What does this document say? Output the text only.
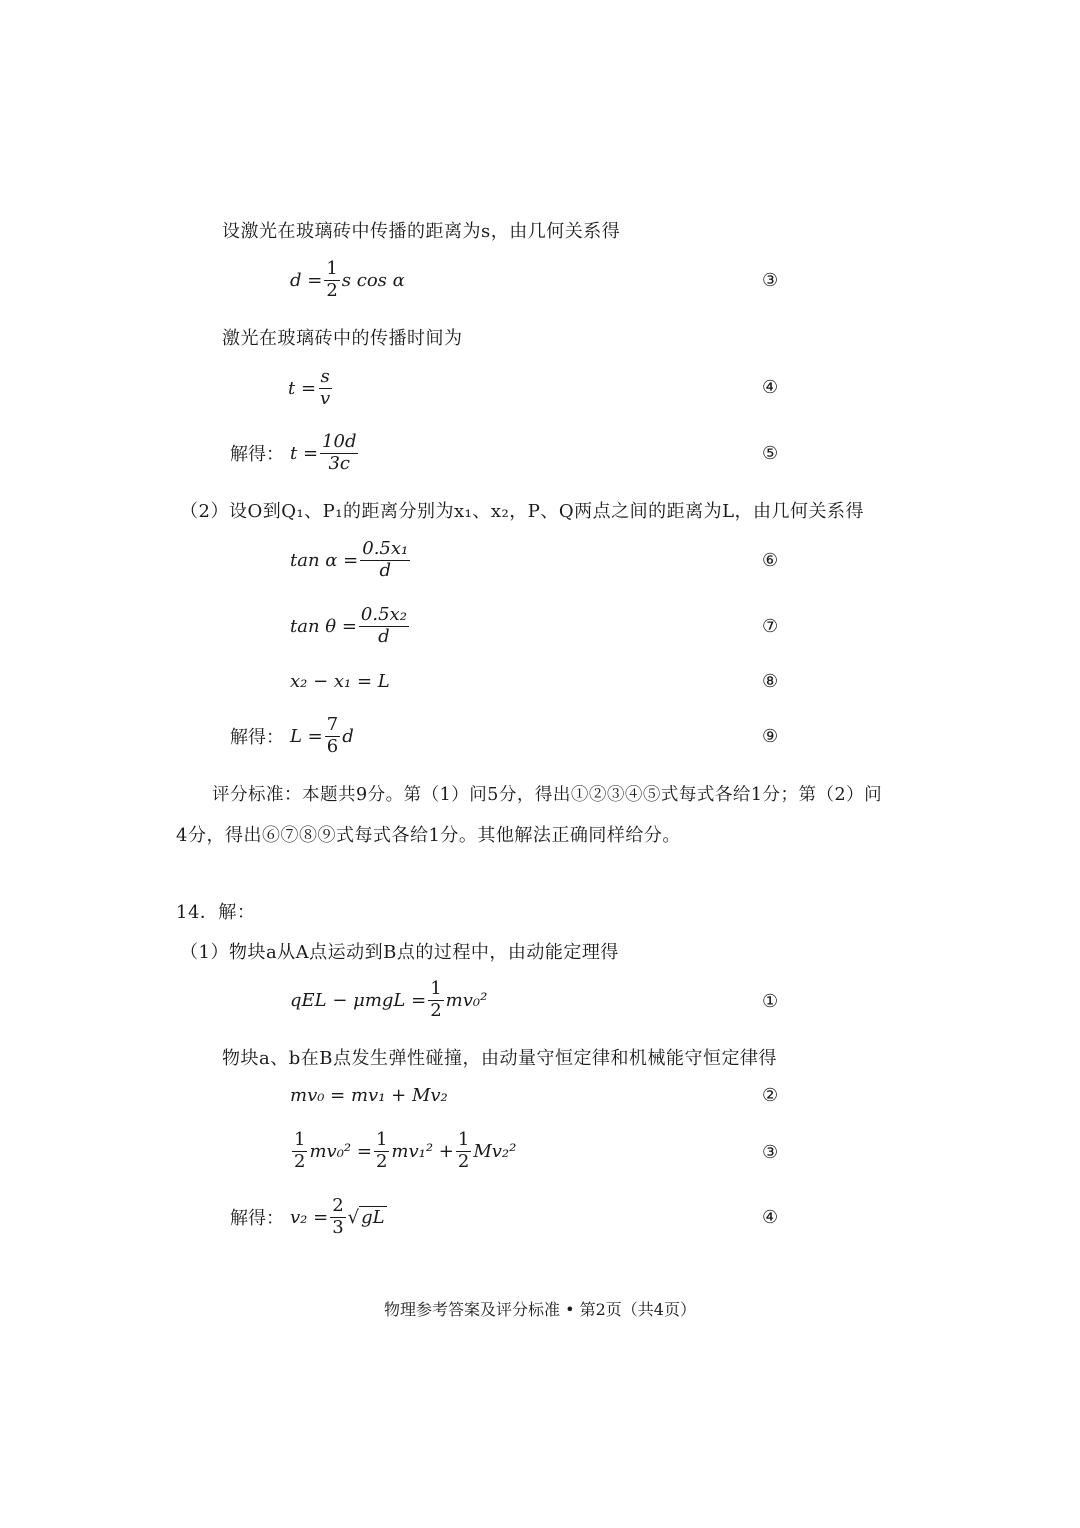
设激光在玻璃砖中传播的距离为s，由几何关系得
$d = \frac{1}{2}$ s cos α	③
激光在玻璃砖中的传播时间为
$t = \frac{s}{v}$	④
解得： $t = \frac{10d}{3c}$	⑤
（2）设O到Q₁、P₁的距离分别为x₁、x₂，P、Q两点之间的距离为L，由几何关系得
$\tan \alpha = \frac{\text{0.5x₁}}{d}$	⑥
$\tan \theta = \frac{\text{0.5x₂}}{d}$	⑦
x₂ − x₁ = L	⑧
解得： $L = \frac{7}{6}$ d	⑨
评分标准：本题共9分。第（1）问5分，得出①②③④⑤式每式各给1分；第（2）问
4分，得出⑥⑦⑧⑨式每式各给1分。其他解法正确同样给分。
14．解：
（1）物块a从A点运动到B点的过程中，由动能定理得
qEL − $\mu mgL = \frac{1}{2} mv_0^2$	①
物块a、b在B点发生弹性碰撞，由动量守恒定律和机械能守恒定律得
mv₀ = mv₁ + Mv₂	②
$\frac{1}{2} mv_0^2 = \frac{1}{2} mv_1^2 + \frac{1}{2} Mv_2^2$	③
解得： $v_2 = \frac{2}{3}$ √ gL	④
物理参考答案及评分标准 • 第2页（共4页）
